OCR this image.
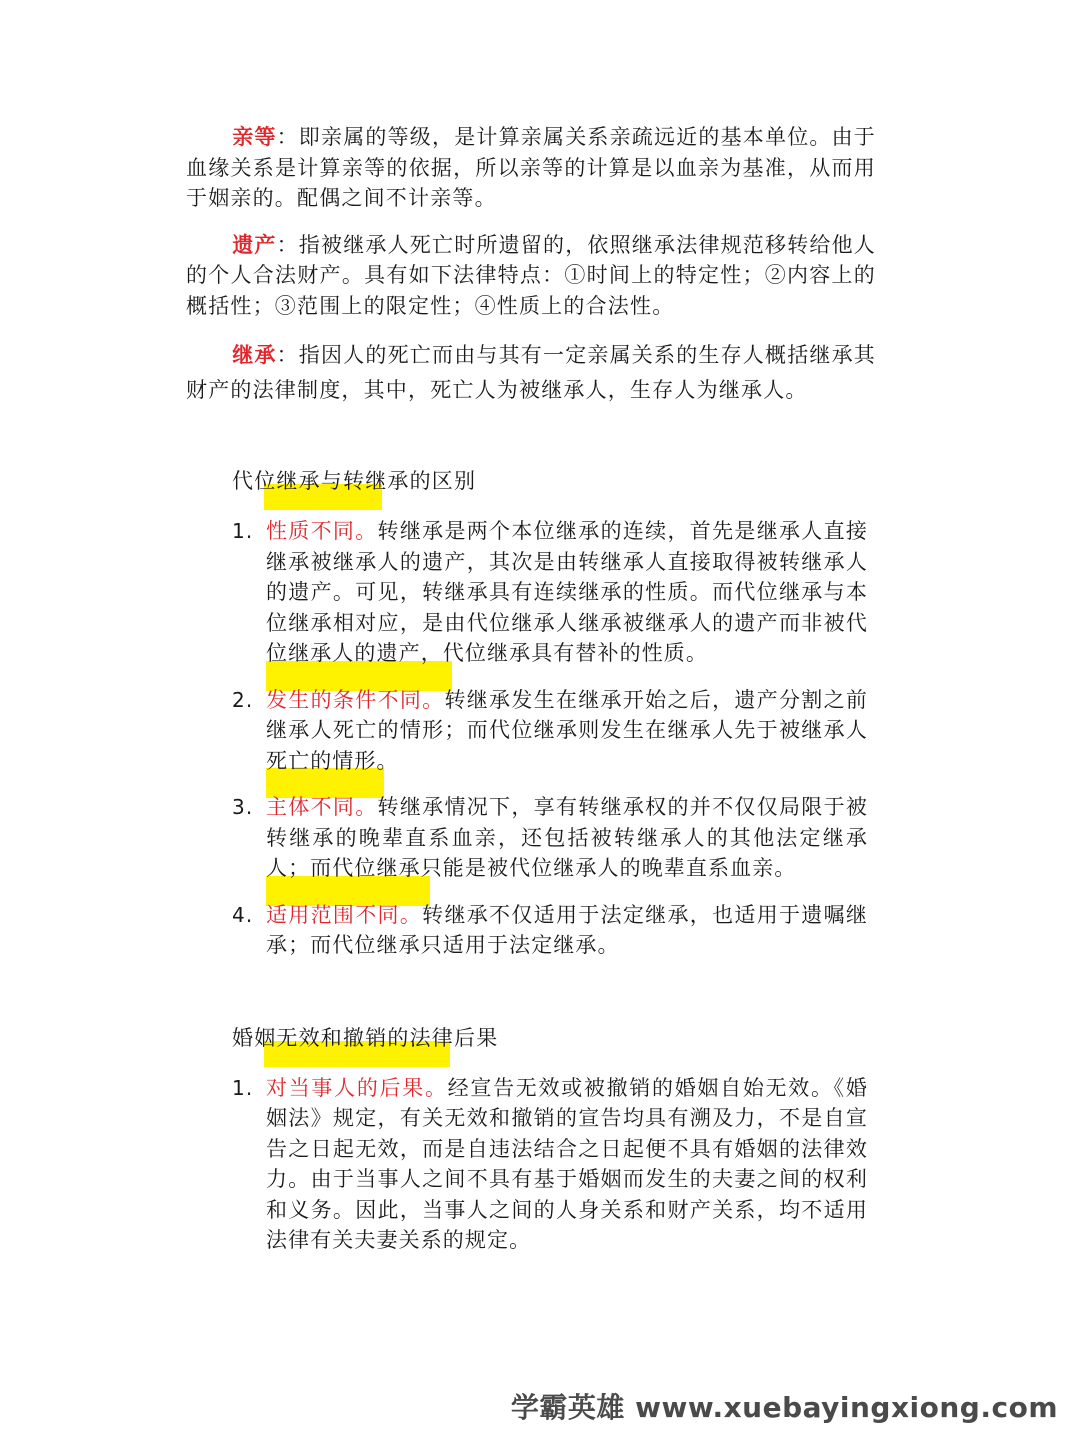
亲等：即亲属的等级，是计算亲属关系亲疏远近的基本单位。由于血缘关系是计算亲等的依据，所以亲等的计算是以血亲为基准，从而用于姻亲的。配偶之间不计亲等。

遗产：指被继承人死亡时所遗留的，依照继承法律规范移转给他人的个人合法财产。具有如下法律特点：①时间上的特定性；②内容上的概括性；③范围上的限定性；④性质上的合法性。

继承：指因人的死亡而由与其有一定亲属关系的生存人概括继承其财产的法律制度，其中，死亡人为被继承人，生存人为继承人。

代位继承与转继承的区别
1. 性质不同。转继承是两个本位继承的连续，首先是继承人直接继承被继承人的遗产，其次是由转继承人直接取得被转继承人的遗产。可见，转继承具有连续继承的性质。而代位继承与本位继承相对应，是由代位继承人继承被继承人的遗产而非被代位继承人的遗产，代位继承具有替补的性质。
2. 发生的条件不同。转继承发生在继承开始之后，遗产分割之前继承人死亡的情形；而代位继承则发生在继承人先于被继承人死亡的情形。
3. 主体不同。转继承情况下，享有转继承权的并不仅仅局限于被转继承的晚辈直系血亲，还包括被转继承人的其他法定继承人；而代位继承只能是被代位继承人的晚辈直系血亲。
4. 适用范围不同。转继承不仅适用于法定继承，也适用于遗嘱继承；而代位继承只适用于法定继承。
婚姻无效和撤销的法律后果
1. 对当事人的后果。经宣告无效或被撤销的婚姻自始无效。《婚姻法》规定，有关无效和撤销的宣告均具有溯及力，不是自宣告之日起无效，而是自违法结合之日起便不具有婚姻的法律效力。由于当事人之间不具有基于婚姻而发生的夫妻之间的权利和义务。因此，当事人之间的人身关系和财产关系，均不适用法律有关夫妻关系的规定。
学霸英雄 www.xuebayingxiong.com
